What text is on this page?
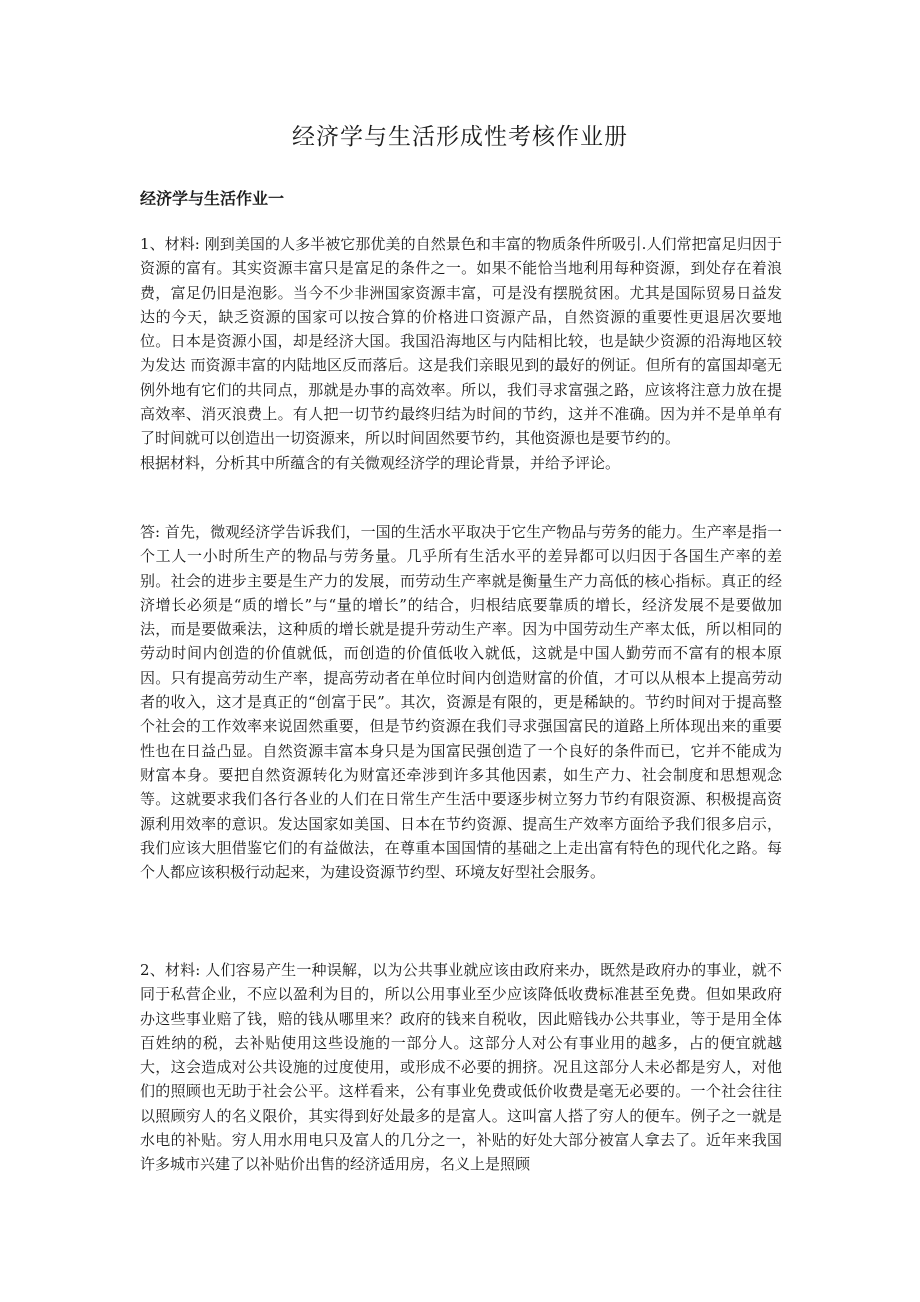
经济学与生活形成性考核作业册
经济学与生活作业一
1、材料: 刚到美国的人多半被它那优美的自然景色和丰富的物质条件所吸引.人们常把富足归因于资源的富有。其实资源丰富只是富足的条件之一。如果不能恰当地利用每种资源，到处存在着浪费，富足仍旧是泡影。当今不少非洲国家资源丰富，可是没有摆脱贫困。尤其是国际贸易日益发达的今天，缺乏资源的国家可以按合算的价格进口资源产品，自然资源的重要性更退居次要地位。日本是资源小国，却是经济大国。我国沿海地区与内陆相比较，也是缺少资源的沿海地区较为发达 而资源丰富的内陆地区反而落后。这是我们亲眼见到的最好的例证。但所有的富国却毫无例外地有它们的共同点，那就是办事的高效率。所以，我们寻求富强之路，应该将注意力放在提高效率、消灭浪费上。有人把一切节约最终归结为时间的节约，这并不准确。因为并不是单单有了时间就可以创造出一切资源来，所以时间固然要节约，其他资源也是要节约的。
根据材料，分析其中所蕴含的有关微观经济学的理论背景，并给予评论。
答: 首先，微观经济学告诉我们，一国的生活水平取决于它生产物品与劳务的能力。生产率是指一个工人一小时所生产的物品与劳务量。几乎所有生活水平的差异都可以归因于各国生产率的差别。社会的进步主要是生产力的发展，而劳动生产率就是衡量生产力高低的核心指标。真正的经济增长必须是“质的增长”与“量的增长”的结合，归根结底要靠质的增长，经济发展不是要做加法，而是要做乘法，这种质的增长就是提升劳动生产率。因为中国劳动生产率太低，所以相同的劳动时间内创造的价值就低，而创造的价值低收入就低，这就是中国人勤劳而不富有的根本原因。只有提高劳动生产率，提高劳动者在单位时间内创造财富的价值，才可以从根本上提高劳动者的收入，这才是真正的“创富于民”。其次，资源是有限的，更是稀缺的。节约时间对于提高整个社会的工作效率来说固然重要，但是节约资源在我们寻求强国富民的道路上所体现出来的重要性也在日益凸显。自然资源丰富本身只是为国富民强创造了一个良好的条件而已，它并不能成为财富本身。要把自然资源转化为财富还牵涉到许多其他因素，如生产力、社会制度和思想观念等。这就要求我们各行各业的人们在日常生产生活中要逐步树立努力节约有限资源、积极提高资源利用效率的意识。发达国家如美国、日本在节约资源、提高生产效率方面给予我们很多启示，我们应该大胆借鉴它们的有益做法，在尊重本国国情的基础之上走出富有特色的现代化之路。每个人都应该积极行动起来，为建设资源节约型、环境友好型社会服务。
2、材料: 人们容易产生一种误解，以为公共事业就应该由政府来办，既然是政府办的事业，就不同于私营企业，不应以盈利为目的，所以公用事业至少应该降低收费标准甚至免费。但如果政府办这些事业赔了钱，赔的钱从哪里来？政府的钱来自税收，因此赔钱办公共事业，等于是用全体百姓纳的税，去补贴使用这些设施的一部分人。这部分人对公有事业用的越多，占的便宜就越大，这会造成对公共设施的过度使用，或形成不必要的拥挤。况且这部分人未必都是穷人，对他们的照顾也无助于社会公平。这样看来，公有事业免费或低价收费是毫无必要的。一个社会往往以照顾穷人的名义限价，其实得到好处最多的是富人。这叫富人搭了穷人的便车。例子之一就是水电的补贴。穷人用水用电只及富人的几分之一，补贴的好处大部分被富人拿去了。近年来我国许多城市兴建了以补贴价出售的经济适用房，名义上是照顾
